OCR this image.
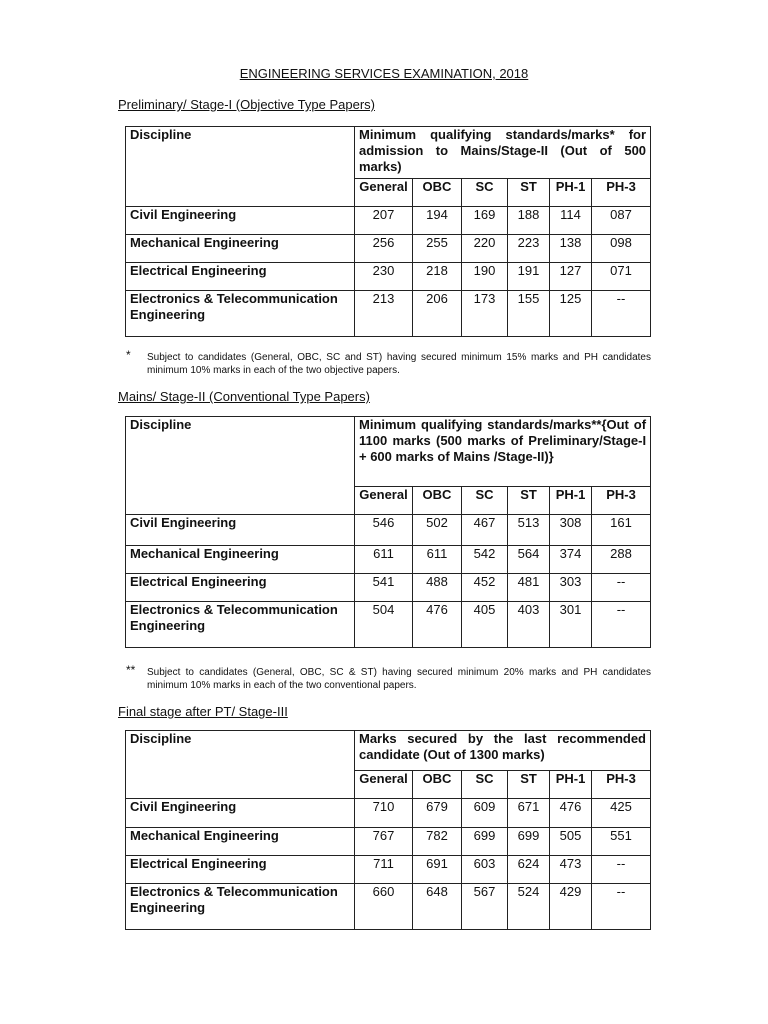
ENGINEERING SERVICES EXAMINATION, 2018
Preliminary/ Stage-I (Objective Type Papers)
Discipline	Minimum qualifying standards/marks* for admission to Mains/Stage-II (Out of 500 marks)					
	General	OBC	SC	ST	PH-1	PH-3
Civil Engineering	207	194	169	188	114	087
Mechanical Engineering	256	255	220	223	138	098
Electrical Engineering	230	218	190	191	127	071
Electronics & Telecommunication Engineering	213	206	173	155	125	--
* Subject to candidates (General, OBC, SC and ST) having secured minimum 15% marks and PH candidates minimum 10% marks in each of the two objective papers.
Mains/ Stage-II (Conventional Type Papers)
Discipline	Minimum qualifying standards/marks**{Out of 1100 marks (500 marks of Preliminary/Stage-I + 600 marks of Mains /Stage-II)}					
	General	OBC	SC	ST	PH-1	PH-3
Civil Engineering	546	502	467	513	308	161
Mechanical Engineering	611	611	542	564	374	288
Electrical Engineering	541	488	452	481	303	--
Electronics & Telecommunication Engineering	504	476	405	403	301	--
** Subject to candidates (General, OBC, SC & ST) having secured minimum 20% marks and PH candidates minimum 10% marks in each of the two conventional papers.
Final stage after PT/ Stage-III
Discipline	Marks secured by the last recommended candidate (Out of 1300 marks)					
	General	OBC	SC	ST	PH-1	PH-3
Civil Engineering	710	679	609	671	476	425
Mechanical Engineering	767	782	699	699	505	551
Electrical Engineering	711	691	603	624	473	--
Electronics & Telecommunication Engineering	660	648	567	524	429	--
